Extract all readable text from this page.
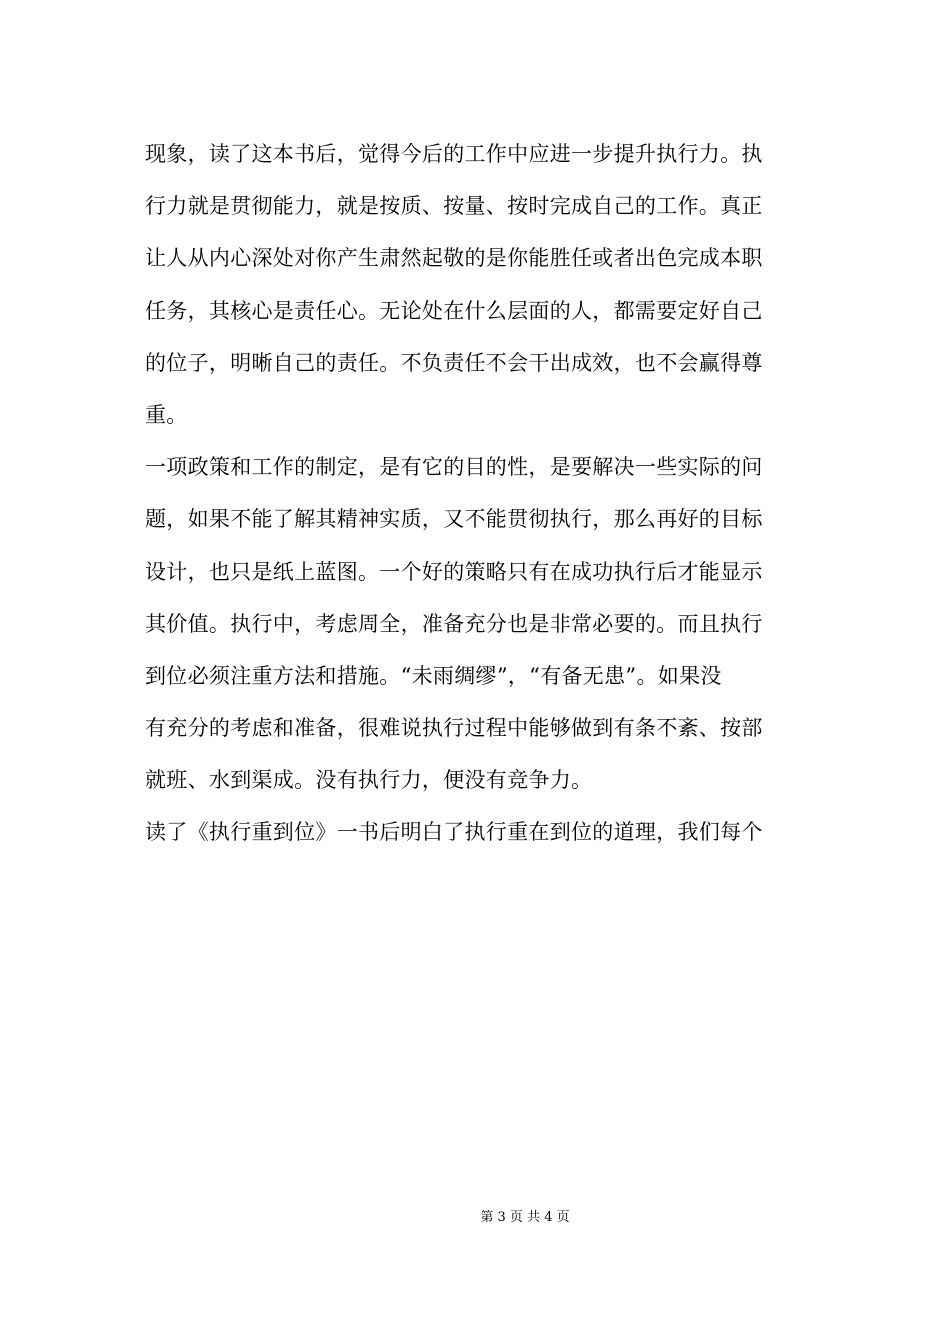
现象，读了这本书后，觉得今后的工作中应进一步提升执行力。执
行力就是贯彻能力，就是按质、按量、按时完成自己的工作。真正
让人从内心深处对你产生肃然起敬的是你能胜任或者出色完成本职
任务，其核心是责任心。无论处在什么层面的人，都需要定好自己
的位子，明晰自己的责任。不负责任不会干出成效，也不会赢得尊
重。
一项政策和工作的制定，是有它的目的性，是要解决一些实际的问
题，如果不能了解其精神实质，又不能贯彻执行，那么再好的目标
设计，也只是纸上蓝图。一个好的策略只有在成功执行后才能显示
其价值。执行中，考虑周全，准备充分也是非常必要的。而且执行
到位必须注重方法和措施。“未雨绸缪”，“有备无患”。如果没
有充分的考虑和准备，很难说执行过程中能够做到有条不紊、按部
就班、水到渠成。没有执行力，便没有竞争力。
读了《执行重到位》一书后明白了执行重在到位的道理，我们每个
第 3 页 共 4 页
